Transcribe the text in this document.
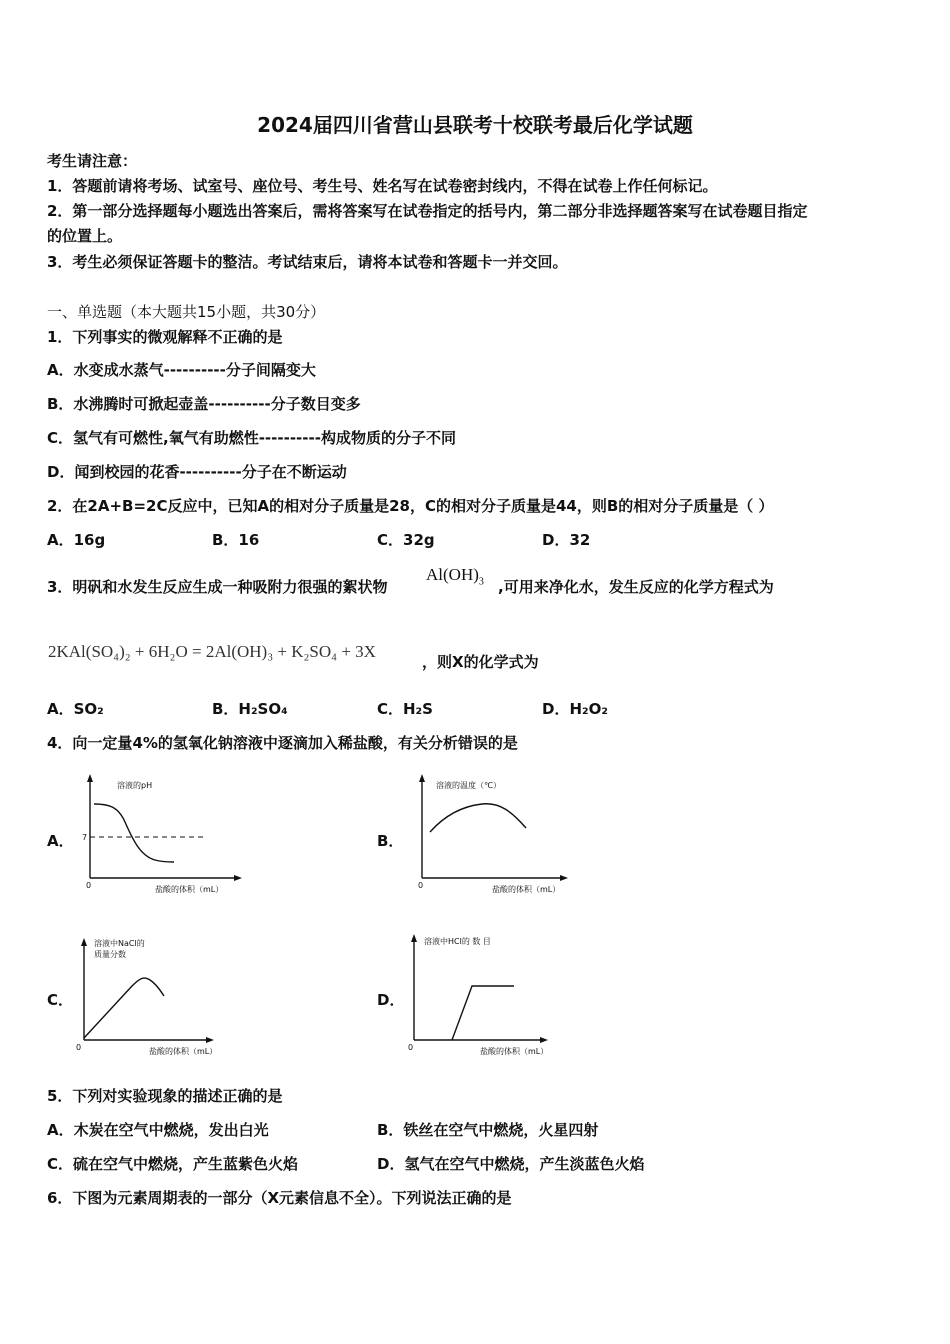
2024届四川省营山县联考十校联考最后化学试题
考生请注意：
1．答题前请将考场、试室号、座位号、考生号、姓名写在试卷密封线内，不得在试卷上作任何标记。
2．第一部分选择题每小题选出答案后，需将答案写在试卷指定的括号内，第二部分非选择题答案写在试卷题目指定
的位置上。
3．考生必须保证答题卡的整洁。考试结束后，请将本试卷和答题卡一并交回。
一、单选题（本大题共15小题，共30分）
1．下列事实的微观解释不正确的是
A．水变成水蒸气----------分子间隔变大
B．水沸腾时可掀起壶盖----------分子数目变多
C．氢气有可燃性,氧气有助燃性----------构成物质的分子不同
D．闻到校园的花香----------分子在不断运动
2．在2A+B=2C反应中，已知A的相对分子质量是28，C的相对分子质量是44，则B的相对分子质量是（ ）
A．16g	B．16	C．32g	D．32
3．明矾和水发生反应生成一种吸附力很强的絮状物
$Al(OH)_3$ ,可用来净化水，发生反应的化学方程式为
2KAl(SO₄)₂ + 6H₂O = 2Al(OH)₃ + K₂SO₄ + 3X
，则X的化学式为
A．SO₂	B．H₂SO₄	C．H₂S	D．H₂O₂
4．向一定量4%的氢氧化钠溶液中逐滴加入稀盐酸，有关分析错误的是
A．
溶液的pH
7
0	盐酸的体积（mL）
B．
溶液的温度（℃）
0	盐酸的体积（mL）
C．
溶液中NaCl的
质量分数
0	盐酸的体积（mL）
D．
溶液中HCl的 数 目
0	盐酸的体积（mL）
5．下列对实验现象的描述正确的是
A．木炭在空气中燃烧，发出白光	B．铁丝在空气中燃烧，火星四射
C．硫在空气中燃烧，产生蓝紫色火焰	D．氢气在空气中燃烧，产生淡蓝色火焰
6．下图为元素周期表的一部分（X元素信息不全）。下列说法正确的是
